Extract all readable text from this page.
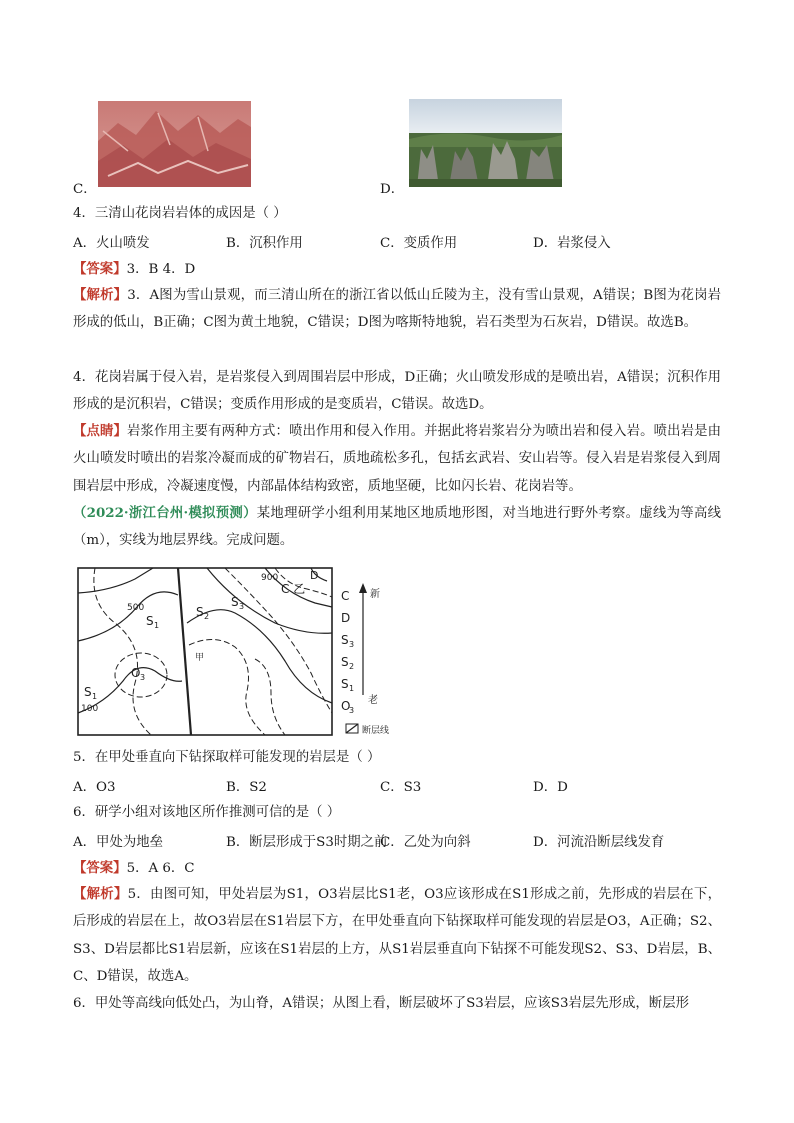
C．	D．
4．三清山花岗岩岩体的成因是（ ）
A．火山喷发	B．沉积作用	C．变质作用	D．岩浆侵入
【答案】3．B 4．D
【解析】3．A图为雪山景观，而三清山所在的浙江省以低山丘陵为主，没有雪山景观，A错误；B图为花岗岩形成的低山，B正确；C图为黄土地貌，C错误；D图为喀斯特地貌，岩石类型为石灰岩，D错误。故选B。
4．花岗岩属于侵入岩，是岩浆侵入到周围岩层中形成，D正确；火山喷发形成的是喷出岩，A错误；沉积作用形成的是沉积岩，C错误；变质作用形成的是变质岩，C错误。故选D。
【点睛】岩浆作用主要有两种方式：喷出作用和侵入作用。并据此将岩浆岩分为喷出岩和侵入岩。喷出岩是由火山喷发时喷出的岩浆冷凝而成的矿物岩石，质地疏松多孔，包括玄武岩、安山岩等。侵入岩是岩浆侵入到周围岩层中形成，冷凝速度慢，内部晶体结构致密，质地坚硬，比如闪长岩、花岗岩等。
（2022·浙江台州·模拟预测）某地理研学小组利用某地区地质地形图，对当地进行野外考察。虚线为等高线（m），实线为地层界线。完成问题。
900
500
100
S 1
S 2
S 3
C 乙
D
甲
O 3
S 1
C
D
S 3
S 2
S 1
O
3
新
老
断层线
5．在甲处垂直向下钻探取样可能发现的岩层是（ ）
A．O3	B．S2	C．S3	D．D
6．研学小组对该地区所作推测可信的是（ ）
A．甲处为地垒	B．断层形成于S3时期之前
C．乙处为向斜	D．河流沿断层线发育
【答案】5．A 6．C
【解析】5．由图可知，甲处岩层为S1，O3岩层比S1老，O3应该形成在S1形成之前，先形成的岩层在下，后形成的岩层在上，故O3岩层在S1岩层下方，在甲处垂直向下钻探取样可能发现的岩层是O3，A正确；S2、S3、D岩层都比S1岩层新，应该在S1岩层的上方，从S1岩层垂直向下钻探不可能发现S2、S3、D岩层，B、C、D错误，故选A。
6．甲处等高线向低处凸，为山脊，A错误；从图上看，断层破坏了S3岩层，应该S3岩层先形成，断层形
